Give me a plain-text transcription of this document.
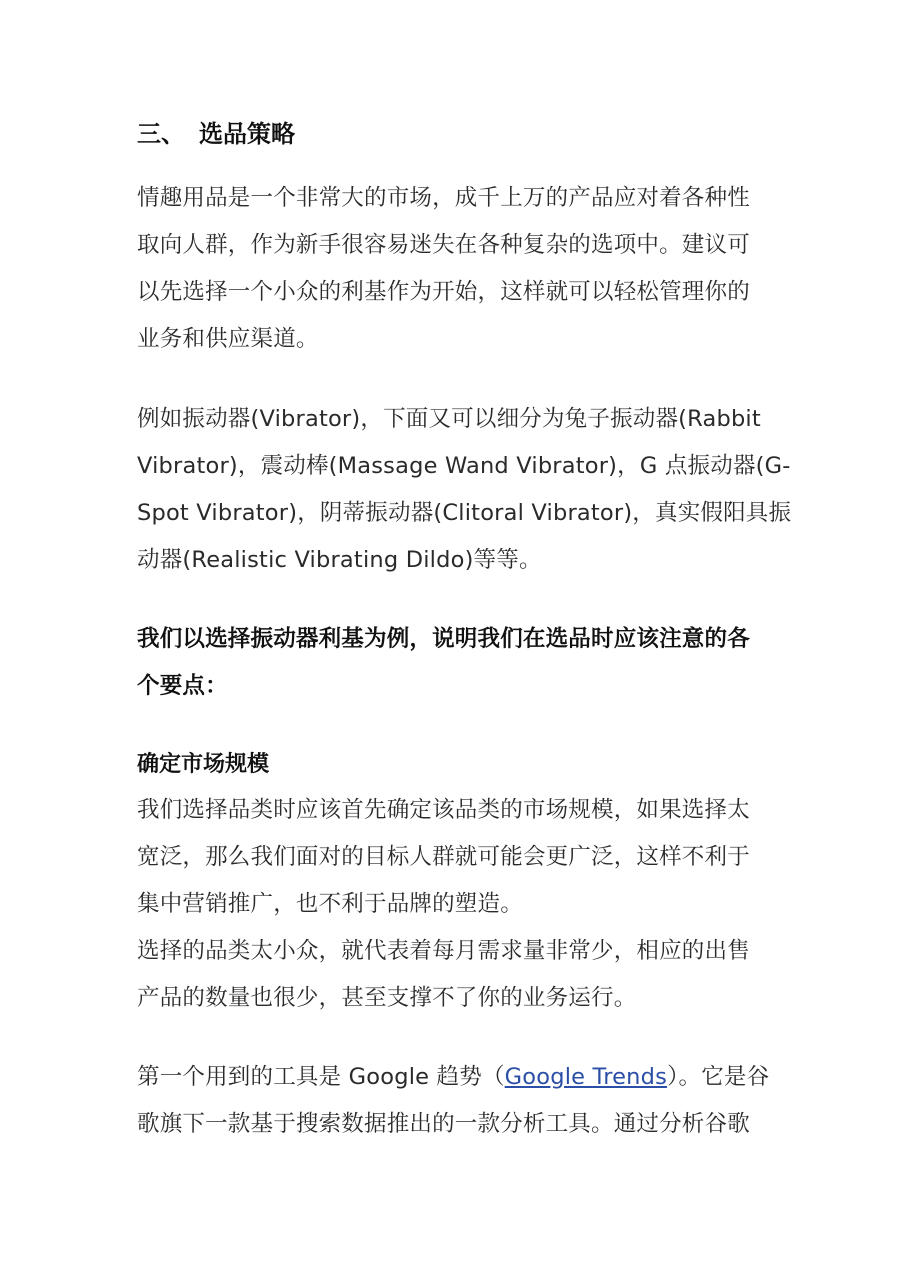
三、 选品策略
情趣用品是一个非常大的市场，成千上万的产品应对着各种性
取向人群，作为新手很容易迷失在各种复杂的选项中。建议可
以先选择一个小众的利基作为开始，这样就可以轻松管理你的
业务和供应渠道。
例如振动器(Vibrator)，下面又可以细分为兔子振动器(Rabbit
Vibrator)，震动棒(Massage Wand Vibrator)，G 点振动器(G-
Spot Vibrator)，阴蒂振动器(Clitoral Vibrator)，真实假阳具振
动器(Realistic Vibrating Dildo)等等。
我们以选择振动器利基为例，说明我们在选品时应该注意的各
个要点：
确定市场规模
我们选择品类时应该首先确定该品类的市场规模，如果选择太
宽泛，那么我们面对的目标人群就可能会更广泛，这样不利于
集中营销推广，也不利于品牌的塑造。
选择的品类太小众，就代表着每月需求量非常少，相应的出售
产品的数量也很少，甚至支撑不了你的业务运行。
第一个用到的工具是 Google 趋势（Google Trends）。它是谷
歌旗下一款基于搜索数据推出的一款分析工具。通过分析谷歌
